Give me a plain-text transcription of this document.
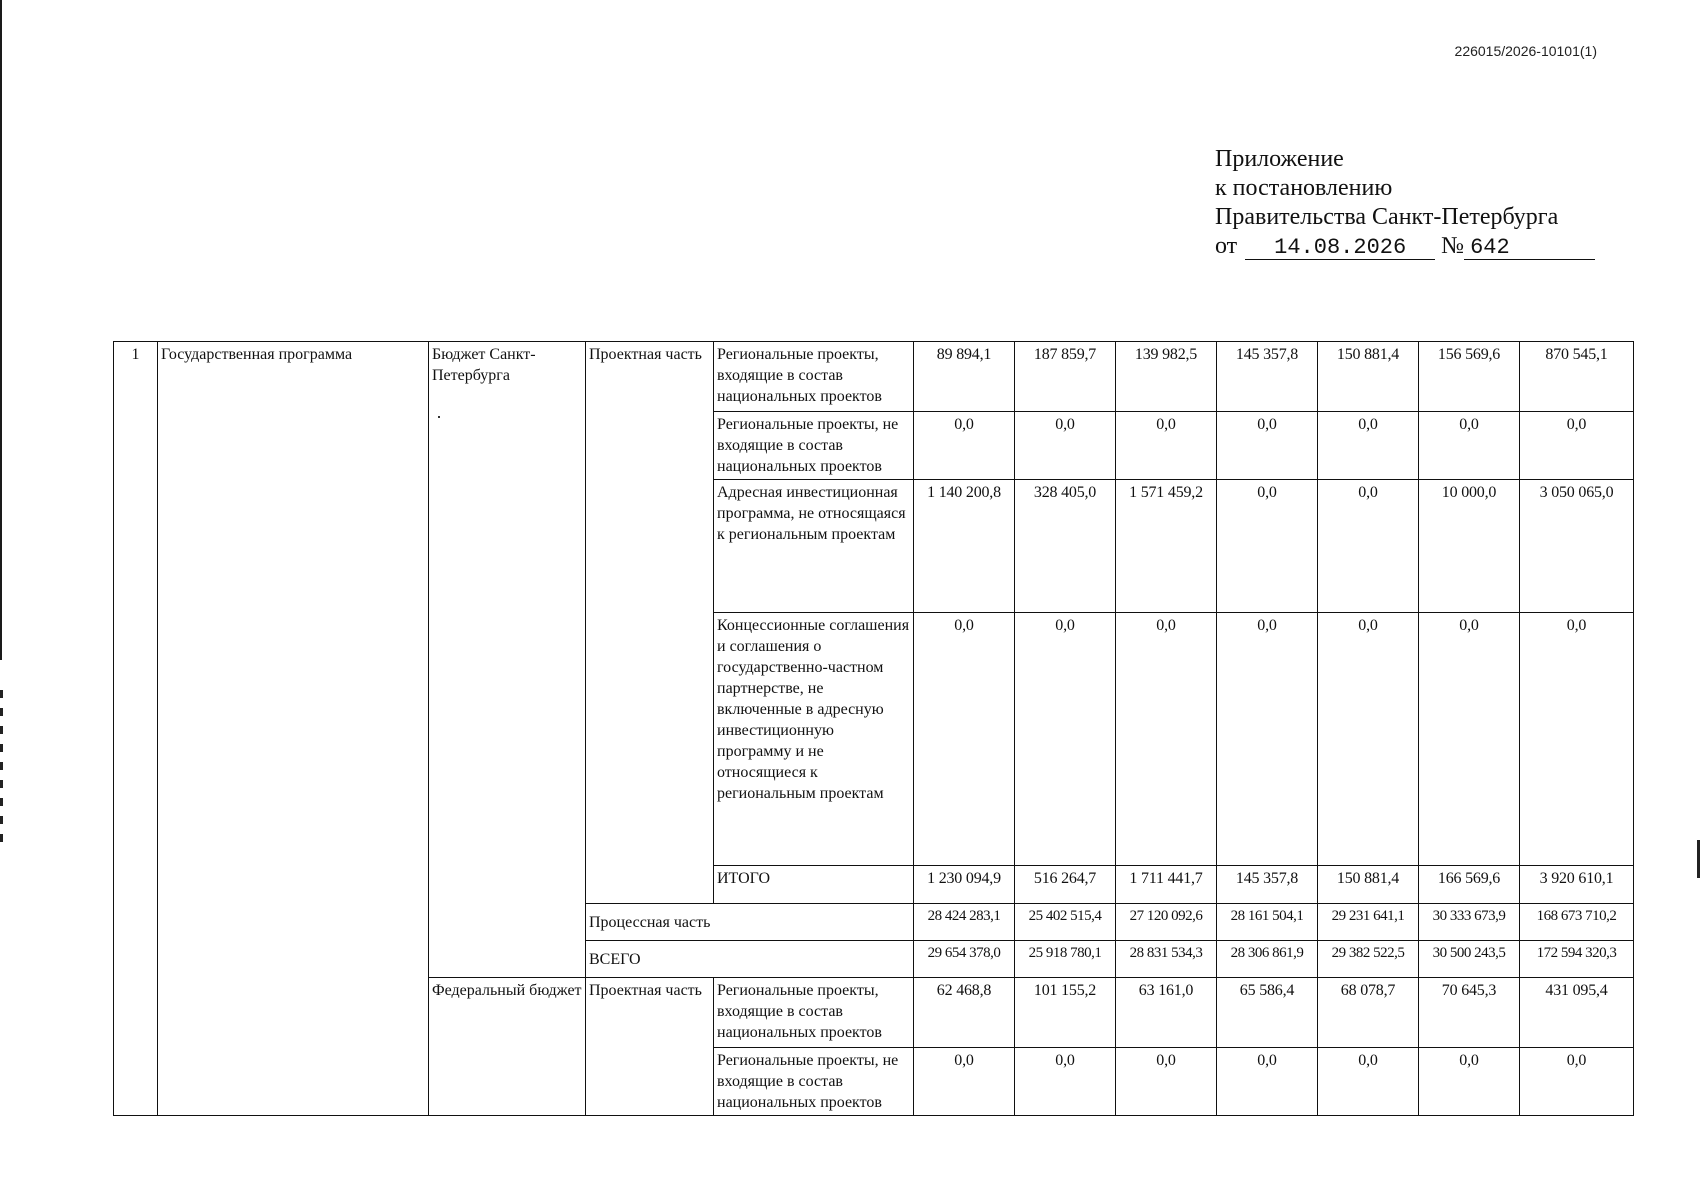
226015/2026-10101(1)
Приложение
к постановлению
Правительства Санкт-Петербурга
от 14.08.2026 № 642
1	Государственная программа	Бюджет Санкт-Петербурга	Проектная часть	Региональные проекты, входящие в состав национальных проектов	89 894,1	187 859,7	139 982,5	145 357,8	150 881,4	156 569,6	870 545,1
				Региональные проекты, не входящие в состав национальных проектов	0,0	0,0	0,0	0,0	0,0	0,0	0,0
				Адресная инвестиционная программа, не относящаяся к региональным проектам	1 140 200,8	328 405,0	1 571 459,2	0,0	0,0	10 000,0	3 050 065,0
				Концессионные соглашения и соглашения о государственно-частном партнерстве, не включенные в адресную инвестиционную программу и не относящиеся к региональным проектам	0,0	0,0	0,0	0,0	0,0	0,0	0,0
				ИТОГО	1 230 094,9	516 264,7	1 711 441,7	145 357,8	150 881,4	166 569,6	3 920 610,1
			Процессная часть		28 424 283,1	25 402 515,4	27 120 092,6	28 161 504,1	29 231 641,1	30 333 673,9	168 673 710,2
			ВСЕГО		29 654 378,0	25 918 780,1	28 831 534,3	28 306 861,9	29 382 522,5	30 500 243,5	172 594 320,3
		Федеральный бюджет	Проектная часть	Региональные проекты, входящие в состав национальных проектов	62 468,8	101 155,2	63 161,0	65 586,4	68 078,7	70 645,3	431 095,4
				Региональные проекты, не входящие в состав национальных проектов	0,0	0,0	0,0	0,0	0,0	0,0	0,0
